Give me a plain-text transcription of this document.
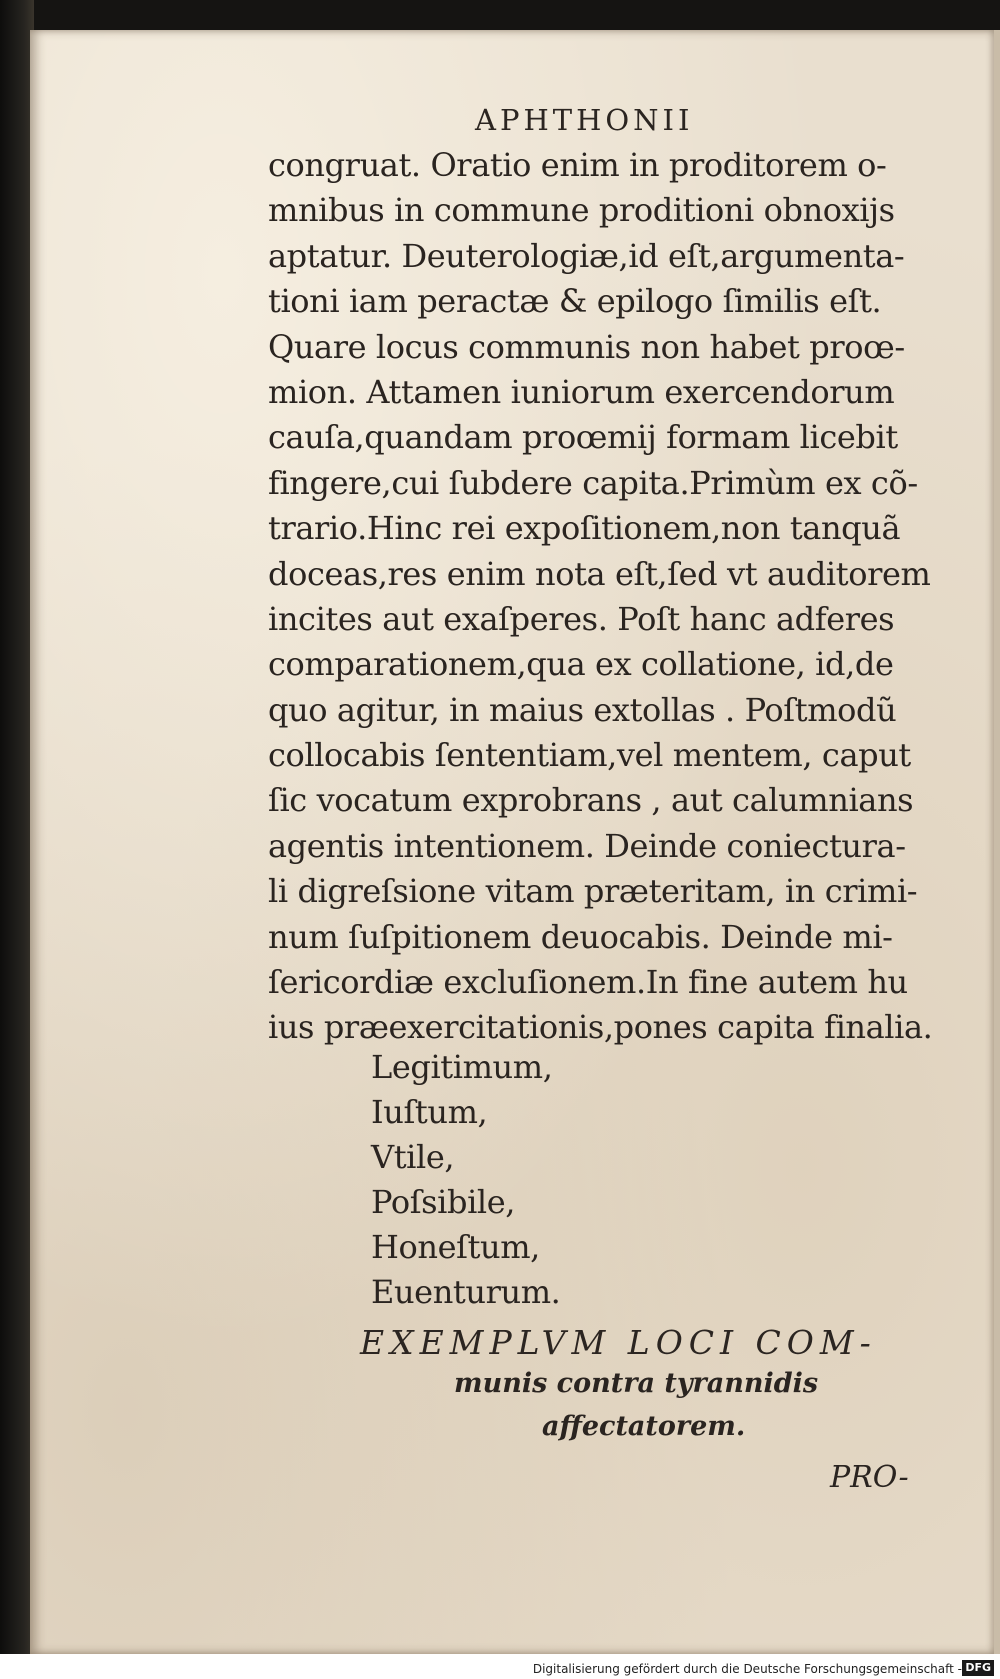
APHTHONII
congruat. Oratio enim in proditorem o-
mnibus in commune proditioni obnoxijs
aptatur. Deuterologiæ,id eſt,argumenta-
tioni iam peractæ & epilogo ſimilis eſt.
Quare locus communis non habet proœ-
mion. Attamen iuniorum exercendorum
cauſa,quandam proœmij formam licebit
fingere,cui ſubdere capita.Primùm ex cõ-
trario.Hinc rei expoſitionem,non tanquã
doceas,res enim nota eſt,ſed vt auditorem
incites aut exaſperes. Poſt hanc adferes
comparationem,qua ex collatione, id,de
quo agitur, in maius extollas . Poſtmodũ
collocabis ſententiam,vel mentem, caput
ſic vocatum exprobrans , aut calumnians
agentis intentionem. Deinde coniectura-
li digreſsione vitam præteritam, in crimi-
num ſuſpitionem deuocabis. Deinde mi-
ſericordiæ excluſionem.In fine autem hu
ius præexercitationis,pones capita finalia.
Legitimum,
Iuſtum,
Vtile,
Poſsibile,
Honeſtum,
Euenturum.
EXEMPLVM LOCI COM-
munis contra tyrannidis
affectatorem.
PRO-
Digitalisierung gefördert durch die Deutsche Forschungsgemeinschaft - DFG
